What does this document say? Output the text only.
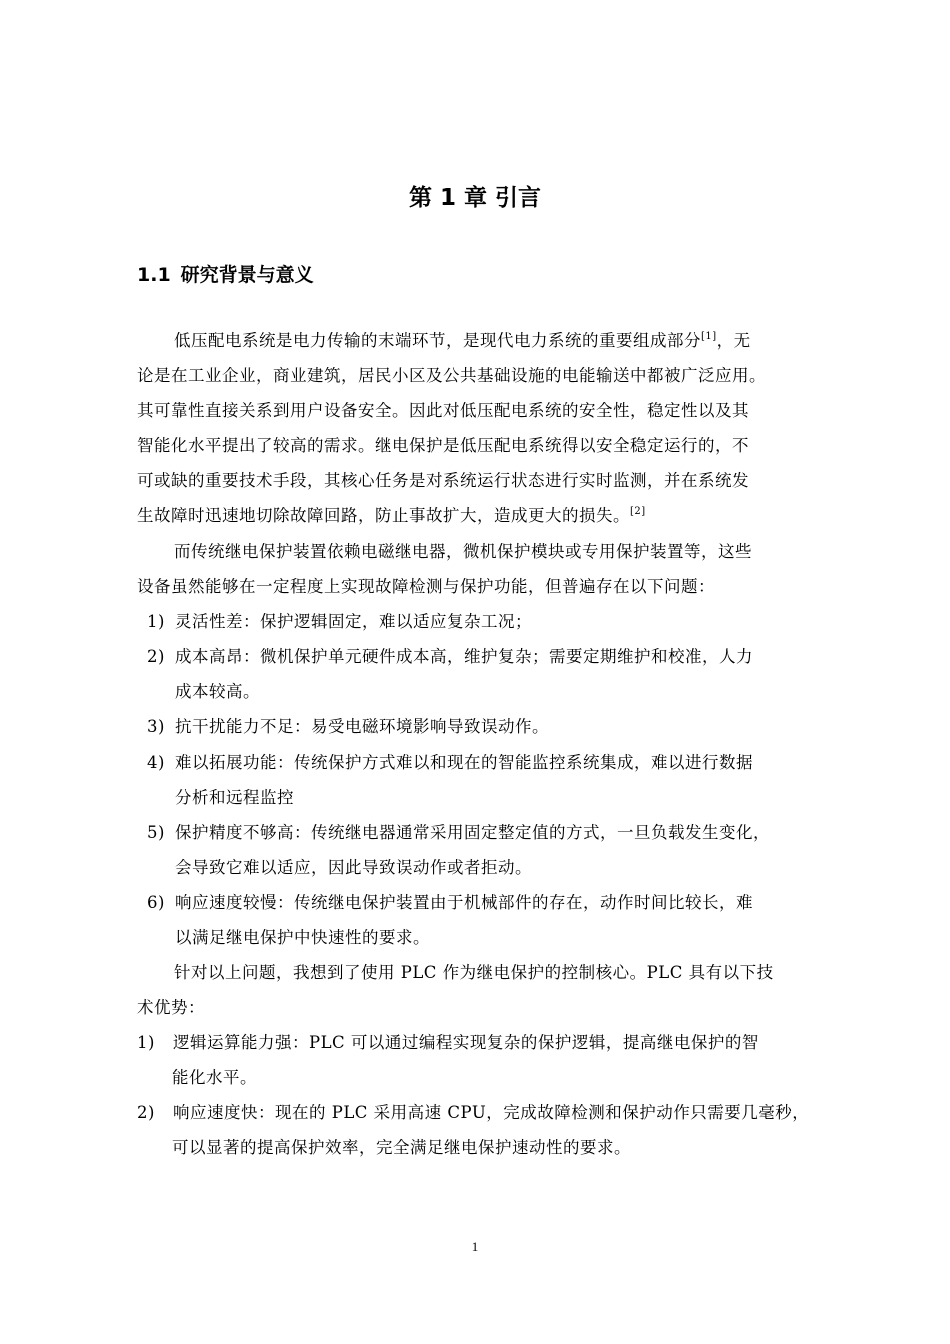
第 1 章 引言
1.1 研究背景与意义
低压配电系统是电力传输的末端环节，是现代电力系统的重要组成部分[1]，无
论是在工业企业，商业建筑，居民小区及公共基础设施的电能输送中都被广泛应用。
其可靠性直接关系到用户设备安全。因此对低压配电系统的安全性，稳定性以及其
智能化水平提出了较高的需求。继电保护是低压配电系统得以安全稳定运行的，不
可或缺的重要技术手段，其核心任务是对系统运行状态进行实时监测，并在系统发
生故障时迅速地切除故障回路，防止事故扩大，造成更大的损失。[2]
而传统继电保护装置依赖电磁继电器，微机保护模块或专用保护装置等，这些
设备虽然能够在一定程度上实现故障检测与保护功能，但普遍存在以下问题：
1) 灵活性差：保护逻辑固定，难以适应复杂工况；
2) 成本高昂：微机保护单元硬件成本高，维护复杂；需要定期维护和校准，人力
成本较高。
3) 抗干扰能力不足：易受电磁环境影响导致误动作。
4) 难以拓展功能：传统保护方式难以和现在的智能监控系统集成，难以进行数据
分析和远程监控
5) 保护精度不够高：传统继电器通常采用固定整定值的方式，一旦负载发生变化，
会导致它难以适应，因此导致误动作或者拒动。
6) 响应速度较慢：传统继电保护装置由于机械部件的存在，动作时间比较长，难
以满足继电保护中快速性的要求。
针对以上问题，我想到了使用 PLC 作为继电保护的控制核心。PLC 具有以下技
术优势：
1) 逻辑运算能力强：PLC 可以通过编程实现复杂的保护逻辑，提高继电保护的智
能化水平。
2) 响应速度快：现在的 PLC 采用高速 CPU，完成故障检测和保护动作只需要几毫秒，
可以显著的提高保护效率，完全满足继电保护速动性的要求。
1
